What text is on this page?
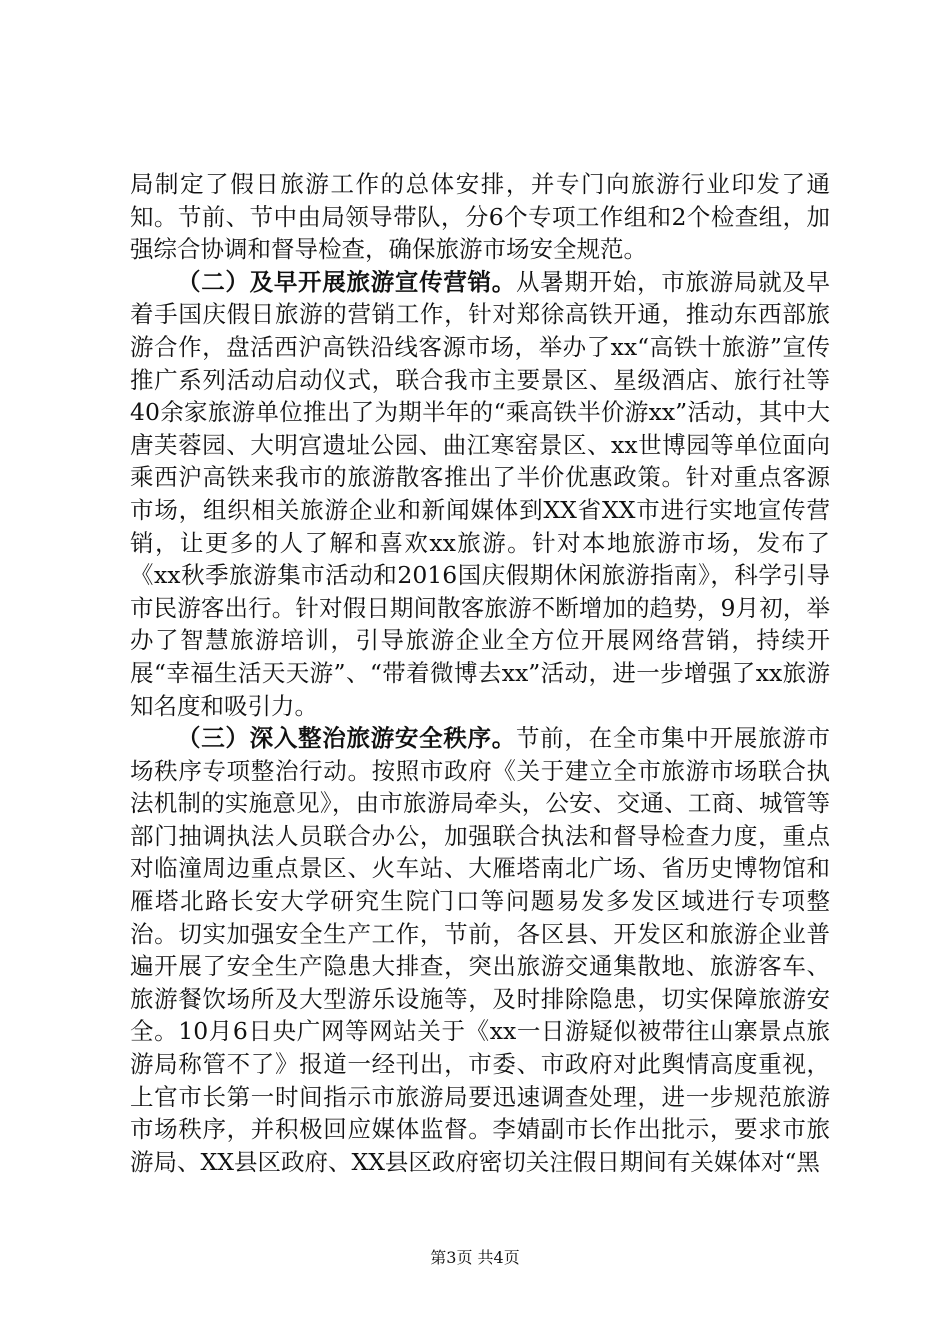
局制定了假日旅游工作的总体安排，并专门向旅游行业印发了通知。节前、节中由局领导带队，分6个专项工作组和2个检查组，加强综合协调和督导检查，确保旅游市场安全规范。

（二）及早开展旅游宣传营销。从暑期开始，市旅游局就及早着手国庆假日旅游的营销工作，针对郑徐高铁开通，推动东西部旅游合作，盘活西沪高铁沿线客源市场，举办了xx“高铁十旅游”宣传推广系列活动启动仪式，联合我市主要景区、星级酒店、旅行社等40余家旅游单位推出了为期半年的“乘高铁半价游xx”活动，其中大唐芙蓉园、大明宫遗址公园、曲江寒窑景区、xx世博园等单位面向乘西沪高铁来我市的旅游散客推出了半价优惠政策。针对重点客源市场，组织相关旅游企业和新闻媒体到XX省XX市进行实地宣传营销，让更多的人了解和喜欢xx旅游。针对本地旅游市场，发布了《xx秋季旅游集市活动和2016国庆假期休闲旅游指南》，科学引导市民游客出行。针对假日期间散客旅游不断增加的趋势，9月初，举办了智慧旅游培训，引导旅游企业全方位开展网络营销，持续开展“幸福生活天天游”、“带着微博去xx”活动，进一步增强了xx旅游知名度和吸引力。

（三）深入整治旅游安全秩序。节前，在全市集中开展旅游市场秩序专项整治行动。按照市政府《关于建立全市旅游市场联合执法机制的实施意见》，由市旅游局牵头，公安、交通、工商、城管等部门抽调执法人员联合办公，加强联合执法和督导检查力度，重点对临潼周边重点景区、火车站、大雁塔南北广场、省历史博物馆和雁塔北路长安大学研究生院门口等问题易发多发区域进行专项整治。切实加强安全生产工作，节前，各区县、开发区和旅游企业普遍开展了安全生产隐患大排查，突出旅游交通集散地、旅游客车、旅游餐饮场所及大型游乐设施等，及时排除隐患，切实保障旅游安全。10月6日央广网等网站关于《xx一日游疑似被带往山寨景点旅游局称管不了》报道一经刊出，市委、市政府对此舆情高度重视，上官市长第一时间指示市旅游局要迅速调查处理，进一步规范旅游市场秩序，并积极回应媒体监督。李婧副市长作出批示，要求市旅游局、XX县区政府、XX县区政府密切关注假日期间有关媒体对“黑

第3页 共4页
